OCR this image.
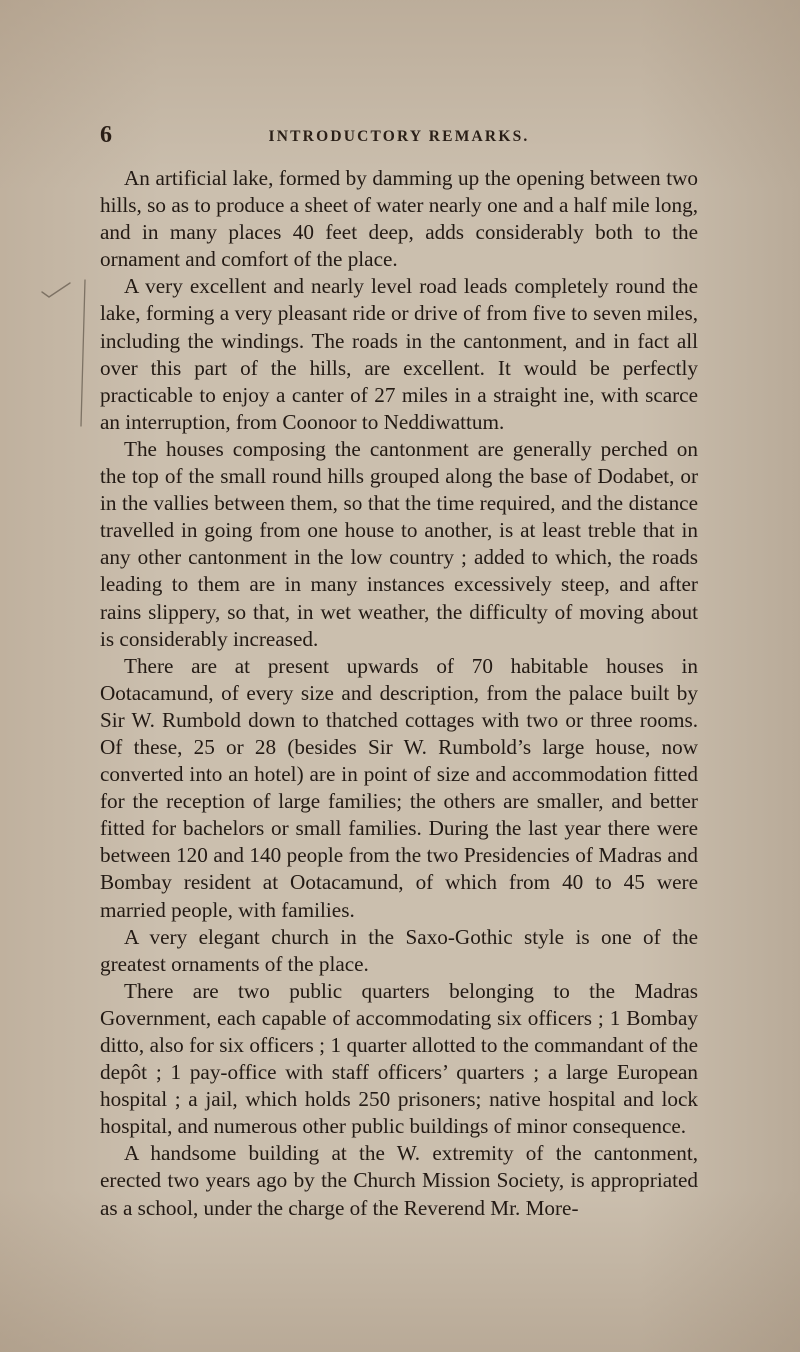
6	INTRODUCTORY REMARKS.

An artificial lake, formed by damming up the opening between two hills, so as to produce a sheet of water nearly one and a half mile long, and in many places 40 feet deep, adds considerably both to the ornament and comfort of the place.

A very excellent and nearly level road leads completely round the lake, forming a very pleasant ride or drive of from five to seven miles, including the windings. The roads in the cantonment, and in fact all over this part of the hills, are excellent. It would be perfectly practicable to enjoy a canter of 27 miles in a straight ine, with scarce an interruption, from Coonoor to Neddiwattum.

The houses composing the cantonment are generally perched on the top of the small round hills grouped along the base of Dodabet, or in the vallies between them, so that the time required, and the distance travelled in going from one house to another, is at least treble that in any other cantonment in the low country ; added to which, the roads leading to them are in many instances excessively steep, and after rains slippery, so that, in wet weather, the difficulty of moving about is considerably increased.

There are at present upwards of 70 habitable houses in Ootacamund, of every size and description, from the palace built by Sir W. Rumbold down to thatched cottages with two or three rooms. Of these, 25 or 28 (besides Sir W. Rumbold’s large house, now converted into an hotel) are in point of size and accommodation fitted for the reception of large families; the others are smaller, and better fitted for bachelors or small families. During the last year there were between 120 and 140 people from the two Presidencies of Madras and Bombay resident at Ootacamund, of which from 40 to 45 were married people, with families.

A very elegant church in the Saxo-Gothic style is one of the greatest ornaments of the place.

There are two public quarters belonging to the Madras Government, each capable of accommodating six officers ; 1 Bombay ditto, also for six officers ; 1 quarter allotted to the commandant of the depôt ; 1 pay-office with staff officers’ quarters ; a large European hospital ; a jail, which holds 250 prisoners; native hospital and lock hospital, and numerous other public buildings of minor consequence.

A handsome building at the W. extremity of the cantonment, erected two years ago by the Church Mission Society, is appropriated as a school, under the charge of the Reverend Mr. More-
